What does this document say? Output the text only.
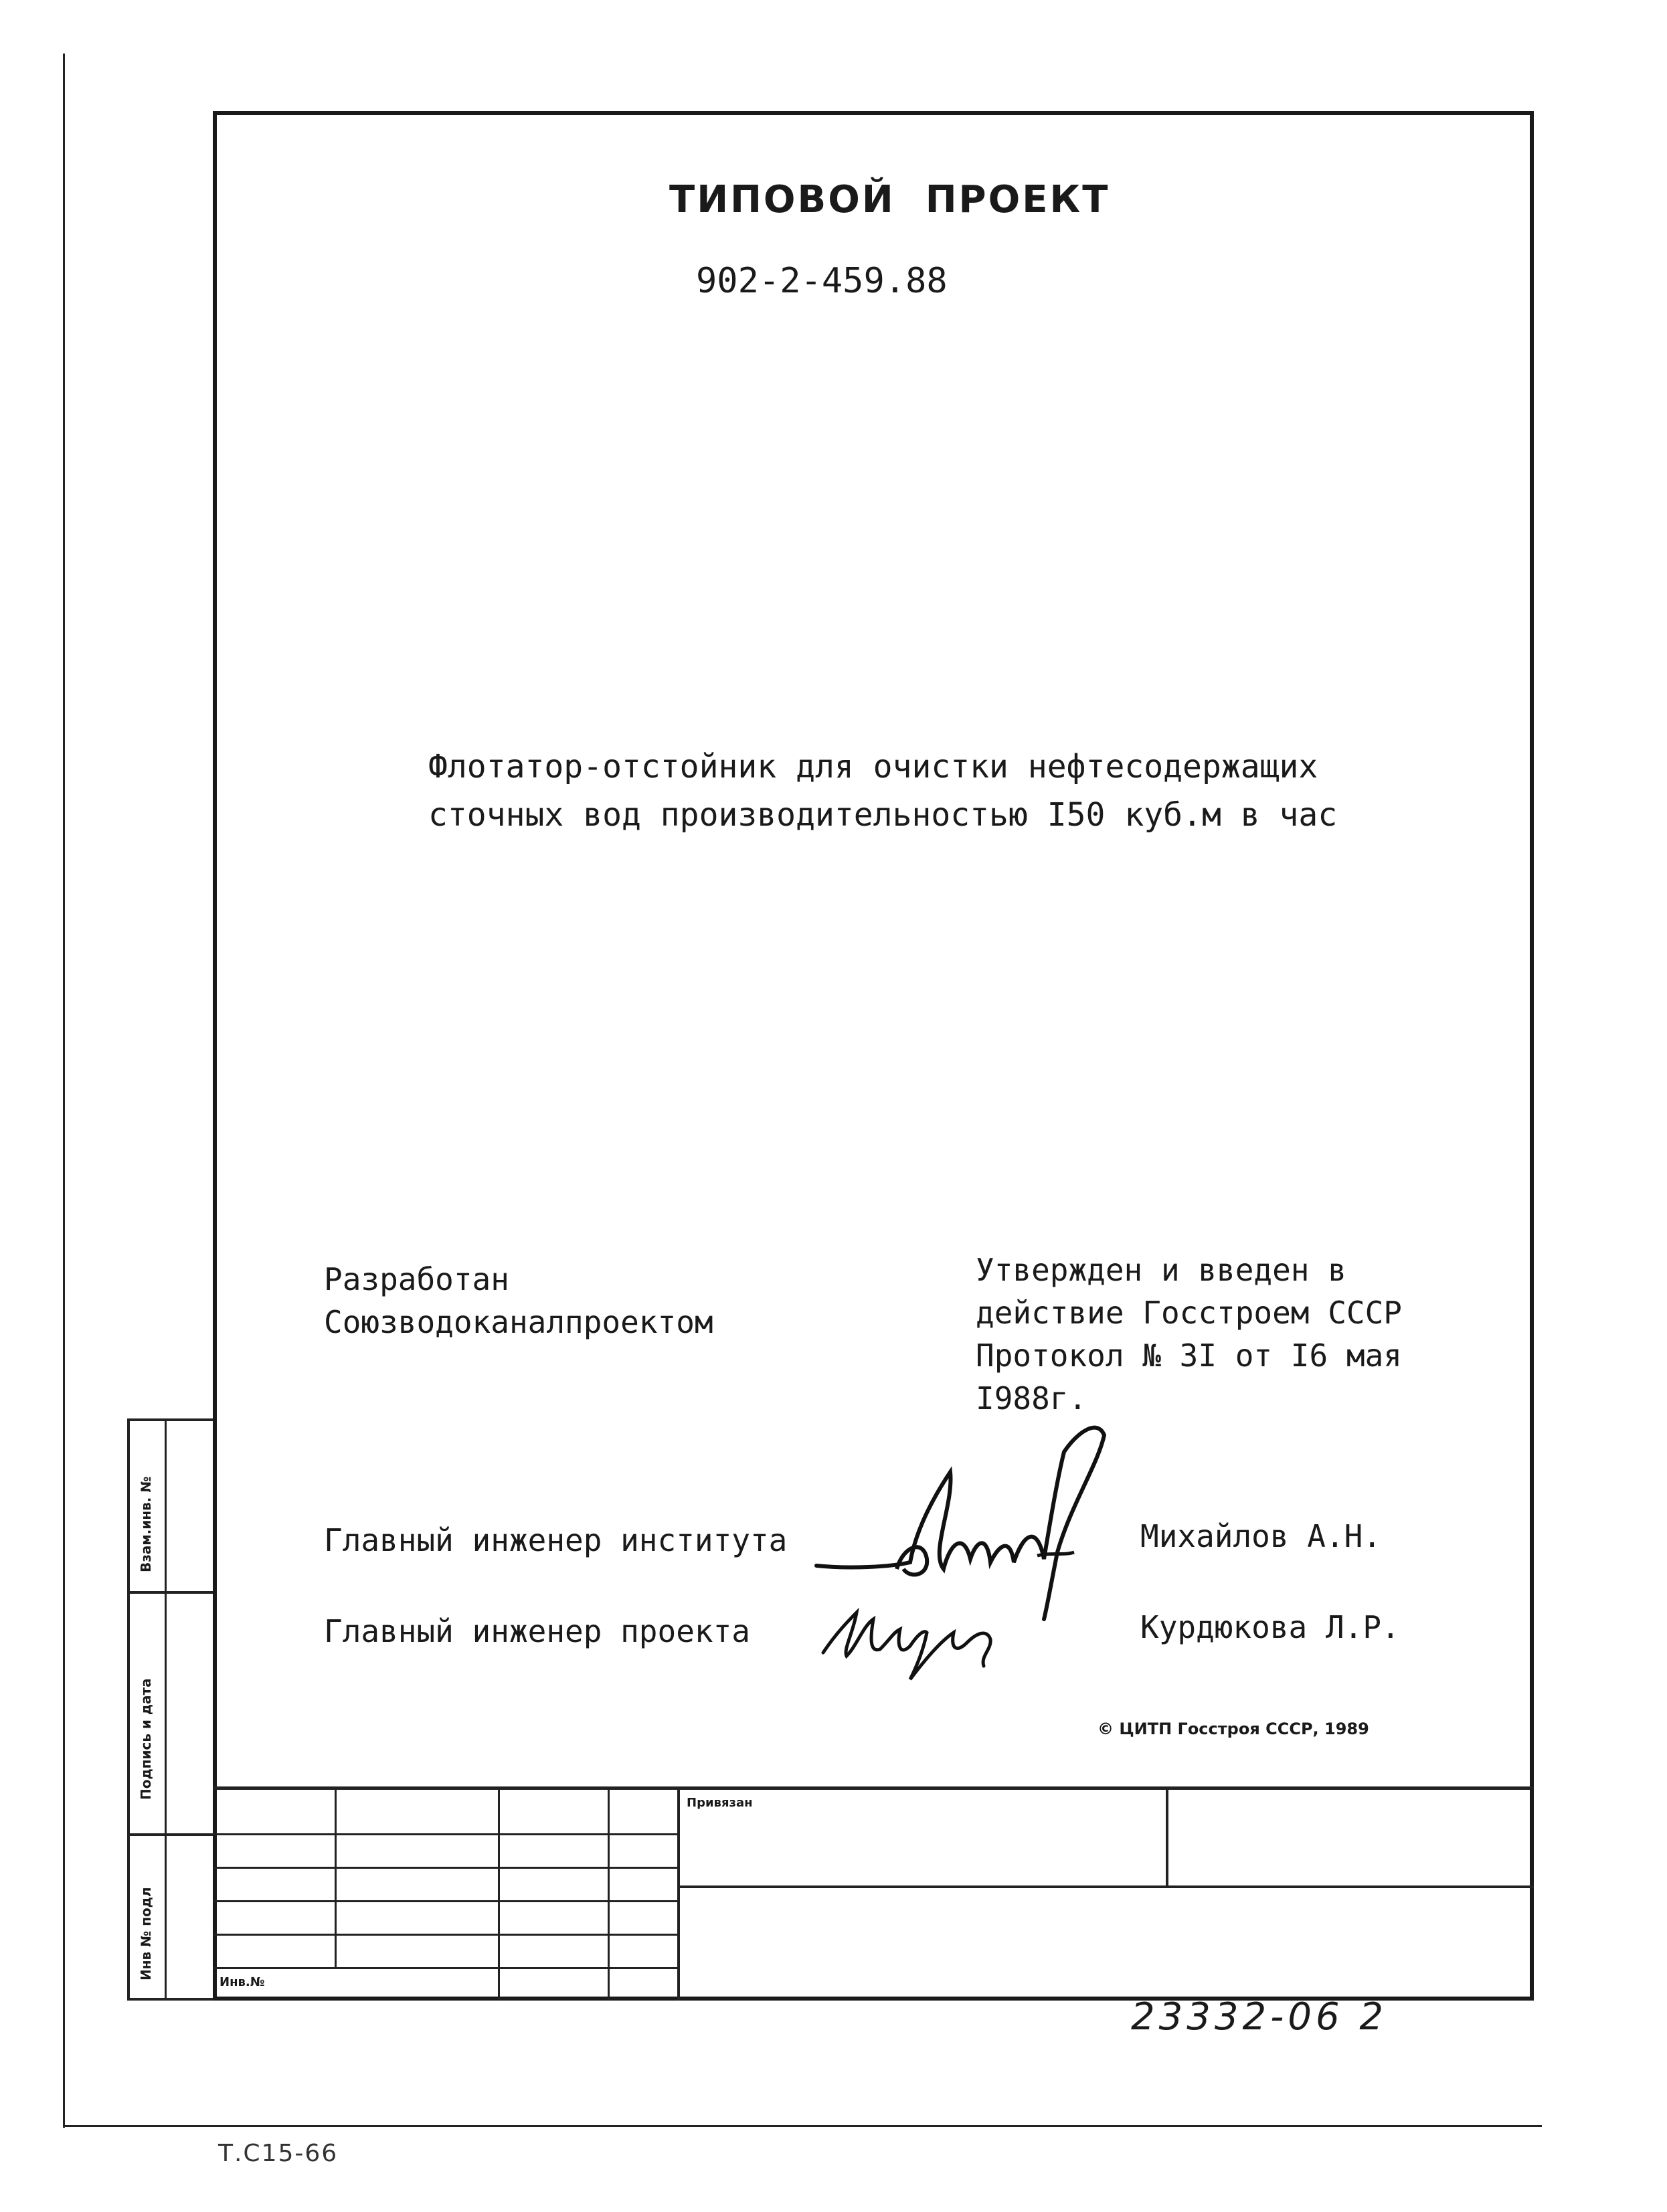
ТИПОВОЙ  ПРОЕКТ
902-2-459.88
Флотатор-отстойник для очистки нефтесодержащих
сточных вод производительностью I50 куб.м в час
Разработан
Союзводоканалпроектом
Утвержден и введен в
действие Госстроем СССР
Протокол № 3I от I6 мая
I988г.
Главный инженер института	Михайлов А.Н.
Главный инженер проекта	Курдюкова Л.Р.
© ЦИТП Госстроя СССР, 1989
Взам.инв. №
Подпись и дата
Инв № подл
Привязан
Инв.№
23332-06 2
Т.С15-66
